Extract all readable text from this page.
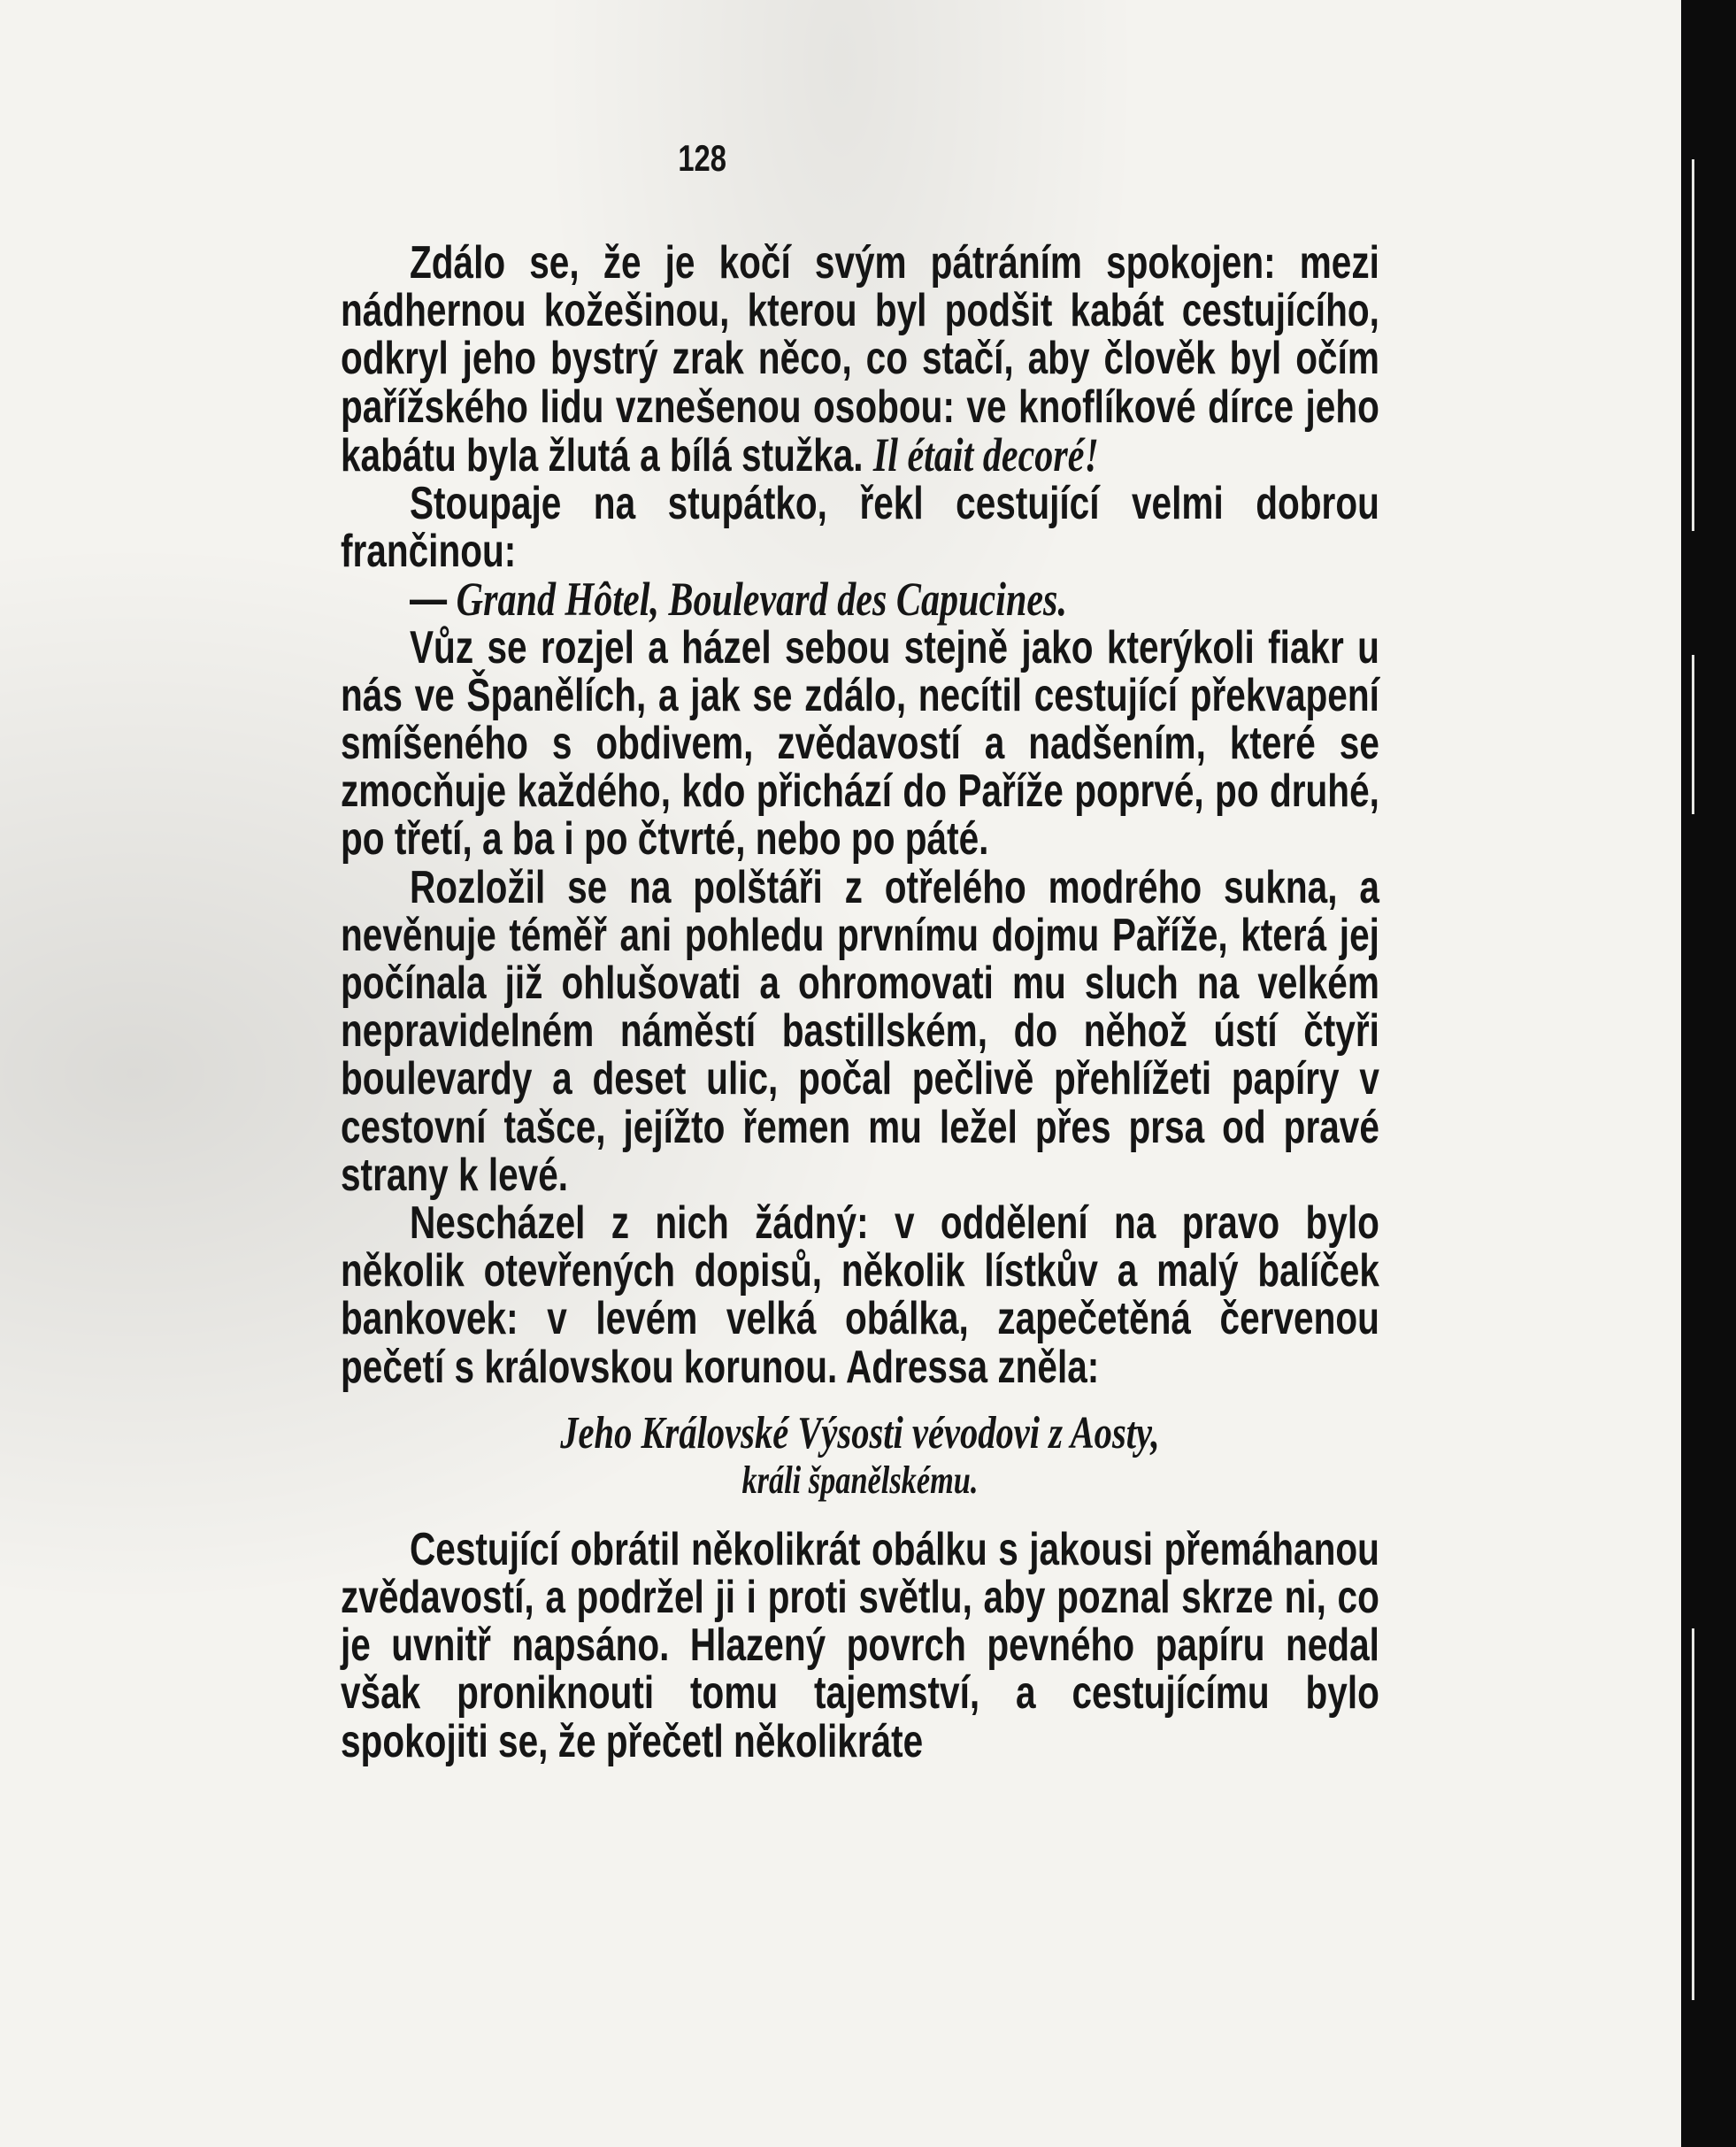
128

Zdálo se, že je kočí svým pátráním spokojen: mezi nádhernou kožešinou, kterou byl podšit kabát cestujícího, odkryl jeho bystrý zrak něco, co stačí, aby člověk byl očím pařížského lidu vznešenou osobou: ve knoflíkové dírce jeho kabátu byla žlutá a bílá stužka. Il était decoré!

Stoupaje na stupátko, řekl cestující velmi dobrou frančinou:

— Grand Hôtel, Boulevard des Capucines.

Vůz se rozjel a házel sebou stejně jako kterýkoli fiakr u nás ve Španělích, a jak se zdálo, necítil cestující překvapení smíšeného s obdivem, zvědavostí a nadšením, které se zmocňuje každého, kdo přichází do Paříže poprvé, po druhé, po třetí, a ba i po čtvrté, nebo po páté.

Rozložil se na polštáři z otřelého modrého sukna, a nevěnuje téměř ani pohledu prvnímu dojmu Paříže, která jej počínala již ohlušovati a ohromovati mu sluch na velkém nepravidelném náměstí bastillském, do něhož ústí čtyři boulevardy a deset ulic, počal pečlivě přehlížeti papíry v cestovní tašce, jejížto řemen mu ležel přes prsa od pravé strany k levé.

Nescházel z nich žádný: v oddělení na pravo bylo několik otevřených dopisů, několik lístkův a malý balíček bankovek: v levém velká obálka, zapečetěná červenou pečetí s královskou korunou. Adressa zněla:

Jeho Královské Výsosti vévodovi z Aosty,
králi španělskému.

Cestující obrátil několikrát obálku s jakousi přemáhanou zvědavostí, a podržel ji i proti světlu, aby poznal skrze ni, co je uvnitř napsáno. Hlazený povrch pevného papíru nedal však proniknouti tomu tajemství, a cestujícímu bylo spokojiti se, že přečetl několikráte
